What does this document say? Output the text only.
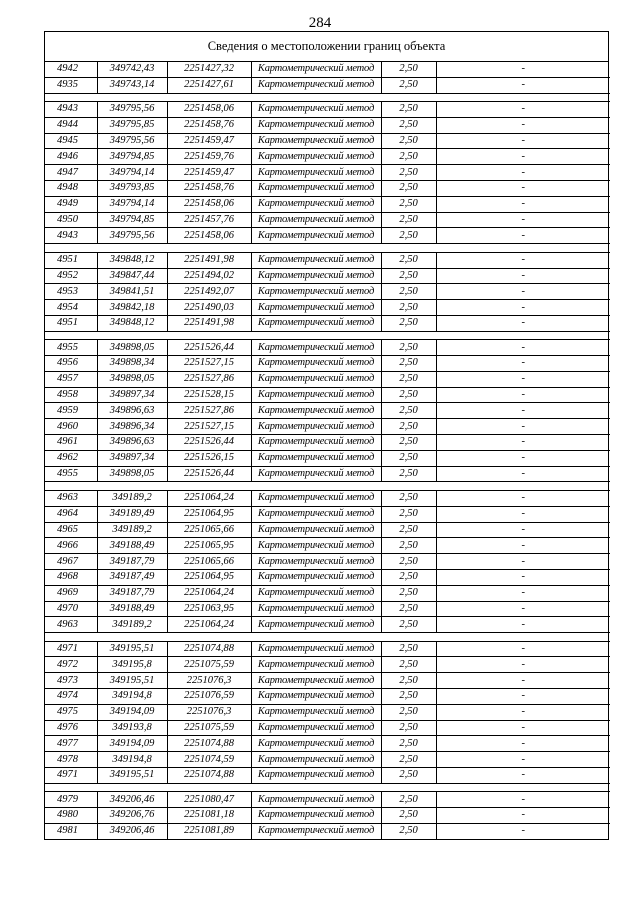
284
Сведения о местоположении границ объекта
4942	349742,43	2251427,32	Картометрический метод	2,50	-
4935	349743,14	2251427,61	Картометрический метод	2,50	-

4943	349795,56	2251458,06	Картометрический метод	2,50	-
4944	349795,85	2251458,76	Картометрический метод	2,50	-
4945	349795,56	2251459,47	Картометрический метод	2,50	-
4946	349794,85	2251459,76	Картометрический метод	2,50	-
4947	349794,14	2251459,47	Картометрический метод	2,50	-
4948	349793,85	2251458,76	Картометрический метод	2,50	-
4949	349794,14	2251458,06	Картометрический метод	2,50	-
4950	349794,85	2251457,76	Картометрический метод	2,50	-
4943	349795,56	2251458,06	Картометрический метод	2,50	-

4951	349848,12	2251491,98	Картометрический метод	2,50	-
4952	349847,44	2251494,02	Картометрический метод	2,50	-
4953	349841,51	2251492,07	Картометрический метод	2,50	-
4954	349842,18	2251490,03	Картометрический метод	2,50	-
4951	349848,12	2251491,98	Картометрический метод	2,50	-

4955	349898,05	2251526,44	Картометрический метод	2,50	-
4956	349898,34	2251527,15	Картометрический метод	2,50	-
4957	349898,05	2251527,86	Картометрический метод	2,50	-
4958	349897,34	2251528,15	Картометрический метод	2,50	-
4959	349896,63	2251527,86	Картометрический метод	2,50	-
4960	349896,34	2251527,15	Картометрический метод	2,50	-
4961	349896,63	2251526,44	Картометрический метод	2,50	-
4962	349897,34	2251526,15	Картометрический метод	2,50	-
4955	349898,05	2251526,44	Картометрический метод	2,50	-

4963	349189,2	2251064,24	Картометрический метод	2,50	-
4964	349189,49	2251064,95	Картометрический метод	2,50	-
4965	349189,2	2251065,66	Картометрический метод	2,50	-
4966	349188,49	2251065,95	Картометрический метод	2,50	-
4967	349187,79	2251065,66	Картометрический метод	2,50	-
4968	349187,49	2251064,95	Картометрический метод	2,50	-
4969	349187,79	2251064,24	Картометрический метод	2,50	-
4970	349188,49	2251063,95	Картометрический метод	2,50	-
4963	349189,2	2251064,24	Картометрический метод	2,50	-

4971	349195,51	2251074,88	Картометрический метод	2,50	-
4972	349195,8	2251075,59	Картометрический метод	2,50	-
4973	349195,51	2251076,3	Картометрический метод	2,50	-
4974	349194,8	2251076,59	Картометрический метод	2,50	-
4975	349194,09	2251076,3	Картометрический метод	2,50	-
4976	349193,8	2251075,59	Картометрический метод	2,50	-
4977	349194,09	2251074,88	Картометрический метод	2,50	-
4978	349194,8	2251074,59	Картометрический метод	2,50	-
4971	349195,51	2251074,88	Картометрический метод	2,50	-

4979	349206,46	2251080,47	Картометрический метод	2,50	-
4980	349206,76	2251081,18	Картометрический метод	2,50	-
4981	349206,46	2251081,89	Картометрический метод	2,50	-
